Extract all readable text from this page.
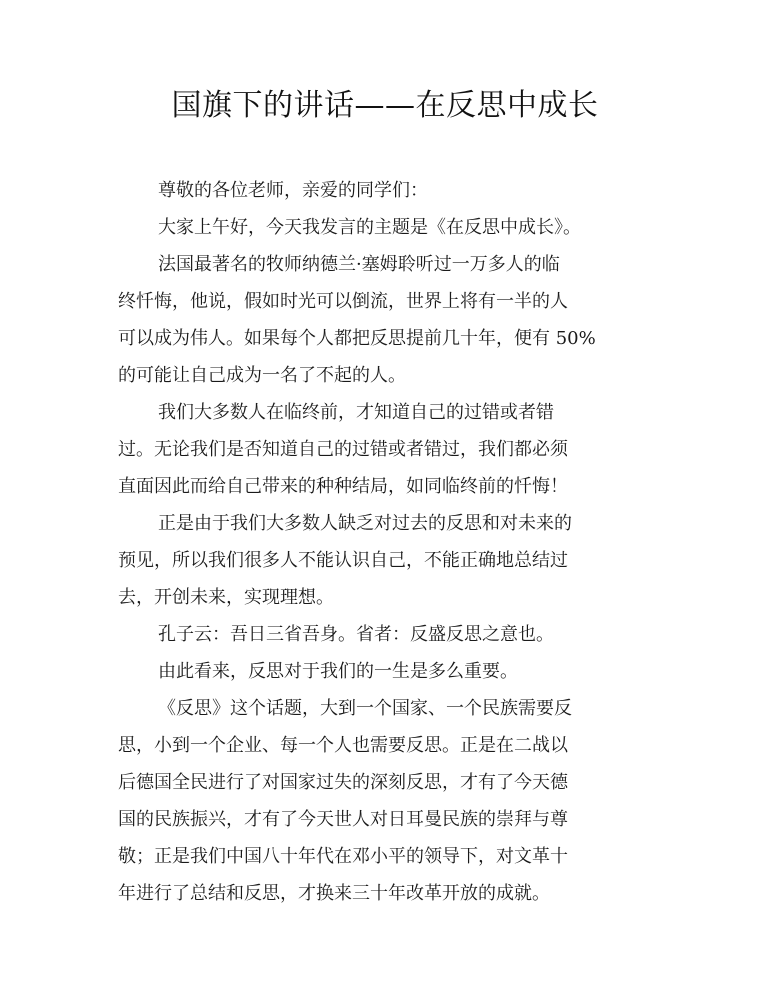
国旗下的讲话——在反思中成长
尊敬的各位老师，亲爱的同学们：
大家上午好，今天我发言的主题是《在反思中成长》。
法国最著名的牧师纳德兰·塞姆聆听过一万多人的临
终忏悔，他说，假如时光可以倒流，世界上将有一半的人
可以成为伟人。如果每个人都把反思提前几十年，便有 50%
的可能让自己成为一名了不起的人。
我们大多数人在临终前，才知道自己的过错或者错
过。无论我们是否知道自己的过错或者错过，我们都必须
直面因此而给自己带来的种种结局，如同临终前的忏悔！
正是由于我们大多数人缺乏对过去的反思和对未来的
预见，所以我们很多人不能认识自己，不能正确地总结过
去，开创未来，实现理想。
孔子云：吾日三省吾身。省者：反盛反思之意也。
由此看来，反思对于我们的一生是多么重要。
《反思》这个话题，大到一个国家、一个民族需要反
思，小到一个企业、每一个人也需要反思。正是在二战以
后德国全民进行了对国家过失的深刻反思，才有了今天德
国的民族振兴，才有了今天世人对日耳曼民族的崇拜与尊
敬；正是我们中国八十年代在邓小平的领导下，对文革十
年进行了总结和反思，才换来三十年改革开放的成就。
